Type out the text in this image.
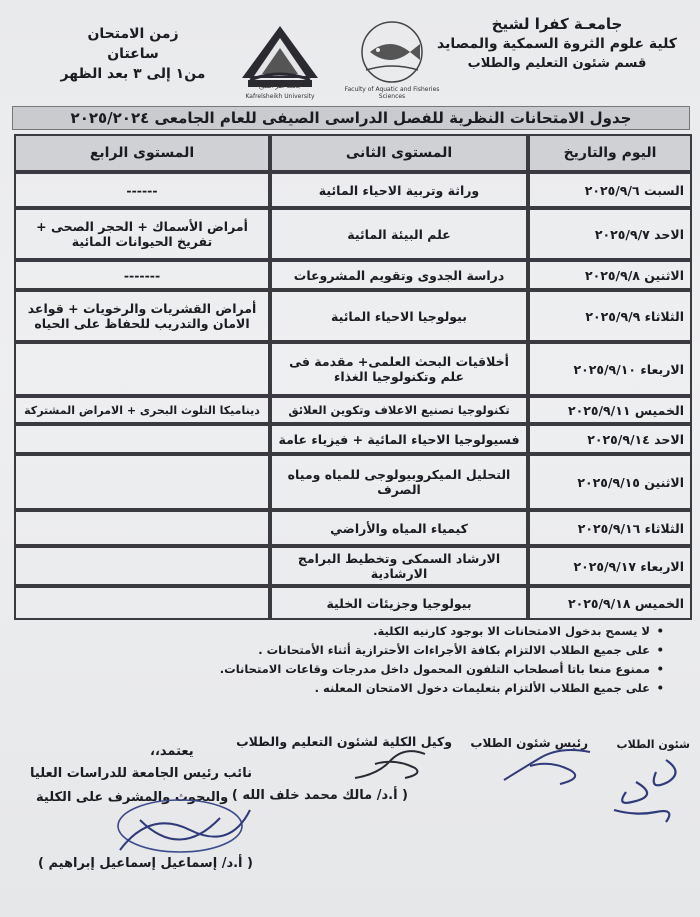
جامعـة كفرا لشيخ
كلية علوم الثروة السمكية والمصايد
قسم شئون التعليم والطلاب
جامعة كفر الشيخ
Kafrelsheikh University
Faculty of Aquatic and Fisheries Sciences
زمن الامتحان
ساعتان
من١ إلى ٣ بعد الظهر
جدول الامتحانات النظرية للفصل الدراسى الصيفى للعام الجامعى ٢٠٢٥/٢٠٢٤
اليوم والتاريخ	المستوى الثانى	المستوى الرابع
السبت ٢٠٢٥/٩/٦	وراثة وتربية الاحياء المائية	------
الاحد ٢٠٢٥/٩/٧	علم البيئة المائية	أمراض الأسماك + الحجر الصحى + تفريخ الحيوانات المائية
الاثنين ٢٠٢٥/٩/٨	دراسة الجدوى وتقويم المشروعات	-------
الثلاثاء ٢٠٢٥/٩/٩	بيولوجيا الاحياء المائية	أمراض القشريات والرخويات + قواعد الامان والتدريب للحفاظ على الحياه
الاربعاء ٢٠٢٥/٩/١٠	أخلاقيات البحث العلمى+ مقدمة فى علم وتكنولوجيا الغذاء	
الخميس ٢٠٢٥/٩/١١	تكنولوجيا تصنيع الاعلاف وتكوين العلائق	ديناميكا التلوث البحرى + الامراض المشتركة
الاحد ٢٠٢٥/٩/١٤	فسيولوجيا الاحياء المائية + فيزياء عامة	
الاثنين ٢٠٢٥/٩/١٥	التحليل الميكروبيولوجى للمياه ومياه الصرف	
الثلاثاء ٢٠٢٥/٩/١٦	كيمياء المياه والأراضي	
الاربعاء ٢٠٢٥/٩/١٧	الارشاد السمكى وتخطيط البرامج الارشادية	
الخميس ٢٠٢٥/٩/١٨	بيولوجيا وجزيئات الخلية	
•
لا يسمح بدخول الامتحانات الا بوجود كارنيه الكلية.
•
على جميع الطلاب الالتزام بكافة الأجراءات الأحترازية أثناء الأمتحانات .
•
ممنوع منعا باتا أصطحاب التلفون المحمول داخل مدرجات وقاعات الامتحانات.
•
على جميع الطلاب الألتزام بتعليمات دخول الامتحان المعلنه .
شئون الطلاب
رئيس شئون الطلاب
وكيل الكلية لشئون التعليم والطلاب
( أ.د/ مالك محمد خلف الله )
يعتمد،،
نائب رئيس الجامعة للدراسات العليا
والبحوث والمشرف على الكلية
( أ.د/ إسماعيل إسماعيل إبراهيم )
